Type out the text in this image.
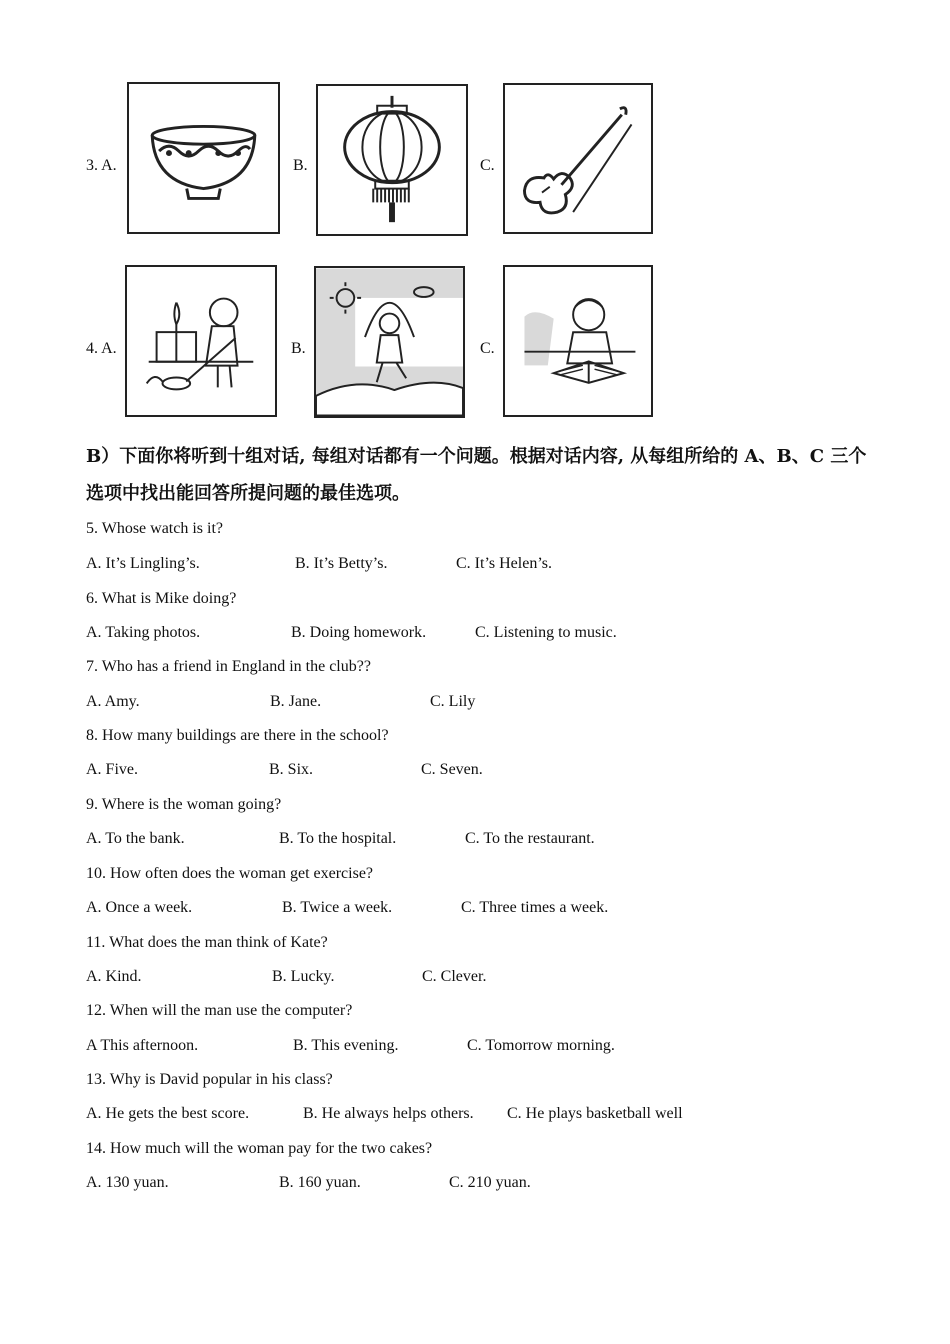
3. A.	B.	C.
4. A.	B.	C.
B）下面你将听到十组对话, 每组对话都有一个问题。根据对话内容, 从每组所给的 A、B、C 三个选项中找出能回答所提问题的最佳选项。
5. Whose watch is it?
A. It’s Lingling’s.	B. It’s Betty’s.	C. It’s Helen’s.
6. What is Mike doing?
A. Taking photos.	B. Doing homework.	C. Listening to music.
7. Who has a friend in England in the club??
A. Amy.	B. Jane.	C. Lily
8. How many buildings are there in the school?
A. Five.	B. Six.	C. Seven.
9. Where is the woman going?
A. To the bank.	B. To the hospital.	C. To the restaurant.
10. How often does the woman get exercise?
A. Once a week.	B. Twice a week.	C. Three times a week.
11. What does the man think of Kate?
A. Kind.	B. Lucky.	C. Clever.
12. When will the man use the computer?
A This afternoon.	B. This evening.	C. Tomorrow morning.
13. Why is David popular in his class?
A. He gets the best score.	B. He always helps others. C. He plays basketball well
14. How much will the woman pay for the two cakes?
A. 130 yuan.	B. 160 yuan.	C. 210 yuan.
